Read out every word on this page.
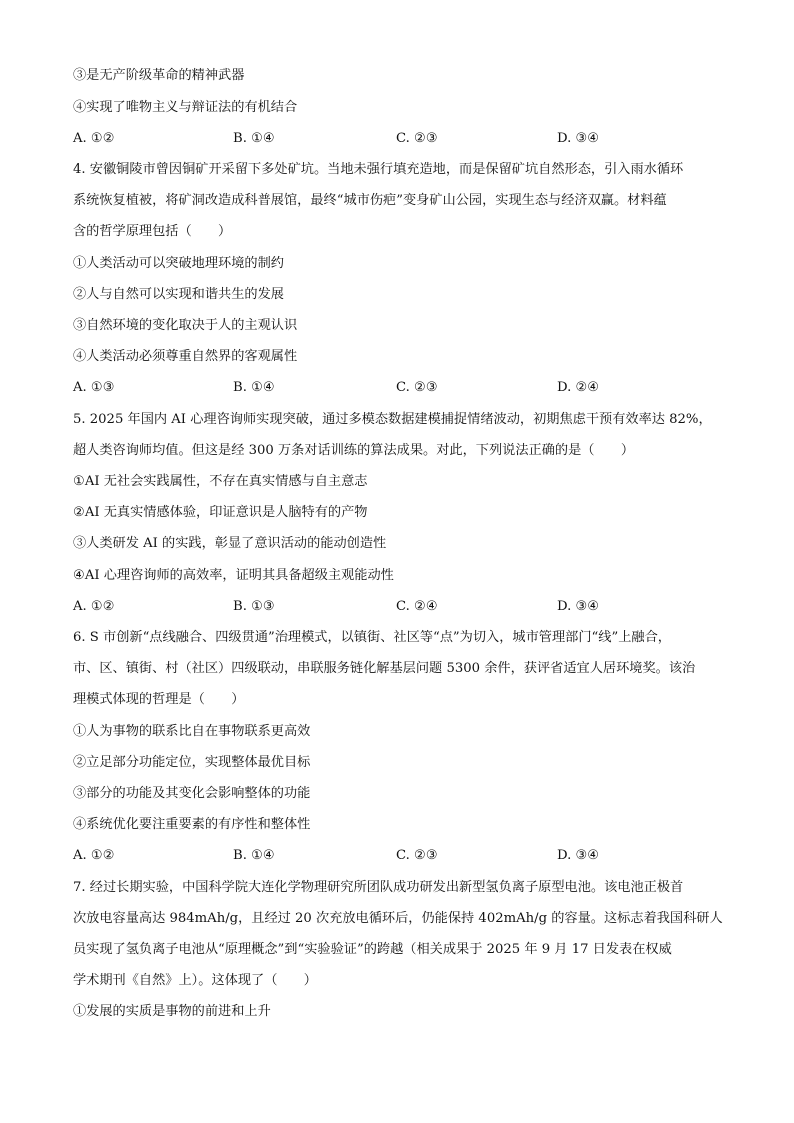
③是无产阶级革命的精神武器
④实现了唯物主义与辩证法的有机结合
A. ①②	B. ①④	C. ②③	D. ③④
4. 安徽铜陵市曾因铜矿开采留下多处矿坑。当地未强行填充造地，而是保留矿坑自然形态，引入雨水循环
系统恢复植被，将矿洞改造成科普展馆，最终“城市伤疤”变身矿山公园，实现生态与经济双赢。材料蕴
含的哲学原理包括（　　）
①人类活动可以突破地理环境的制约
②人与自然可以实现和谐共生的发展
③自然环境的变化取决于人的主观认识
④人类活动必须尊重自然界的客观属性
A. ①③	B. ①④	C. ②③	D. ②④
5. 2025 年国内 AI 心理咨询师实现突破，通过多模态数据建模捕捉情绪波动，初期焦虑干预有效率达 82%，
超人类咨询师均值。但这是经 300 万条对话训练的算法成果。对此，下列说法正确的是（　　）
①AI 无社会实践属性，不存在真实情感与自主意志
②AI 无真实情感体验，印证意识是人脑特有的产物
③人类研发 AI 的实践，彰显了意识活动的能动创造性
④AI 心理咨询师的高效率，证明其具备超级主观能动性
A. ①②	B. ①③	C. ②④	D. ③④
6. S 市创新“点线融合、四级贯通”治理模式，以镇街、社区等“点”为切入，城市管理部门“线”上融合，
市、区、镇街、村（社区）四级联动，串联服务链化解基层问题 5300 余件，获评省适宜人居环境奖。该治
理模式体现的哲理是（　　）
①人为事物的联系比自在事物联系更高效
②立足部分功能定位，实现整体最优目标
③部分的功能及其变化会影响整体的功能
④系统优化要注重要素的有序性和整体性
A. ①②	B. ①④	C. ②③	D. ③④
7. 经过长期实验，中国科学院大连化学物理研究所团队成功研发出新型氢负离子原型电池。该电池正极首
次放电容量高达 984mAh/g，且经过 20 次充放电循环后，仍能保持 402mAh/g 的容量。这标志着我国科研人
员实现了氢负离子电池从“原理概念”到“实验验证”的跨越（相关成果于 2025 年 9 月 17 日发表在权威
学术期刊《自然》上）。这体现了（　　）
①发展的实质是事物的前进和上升
